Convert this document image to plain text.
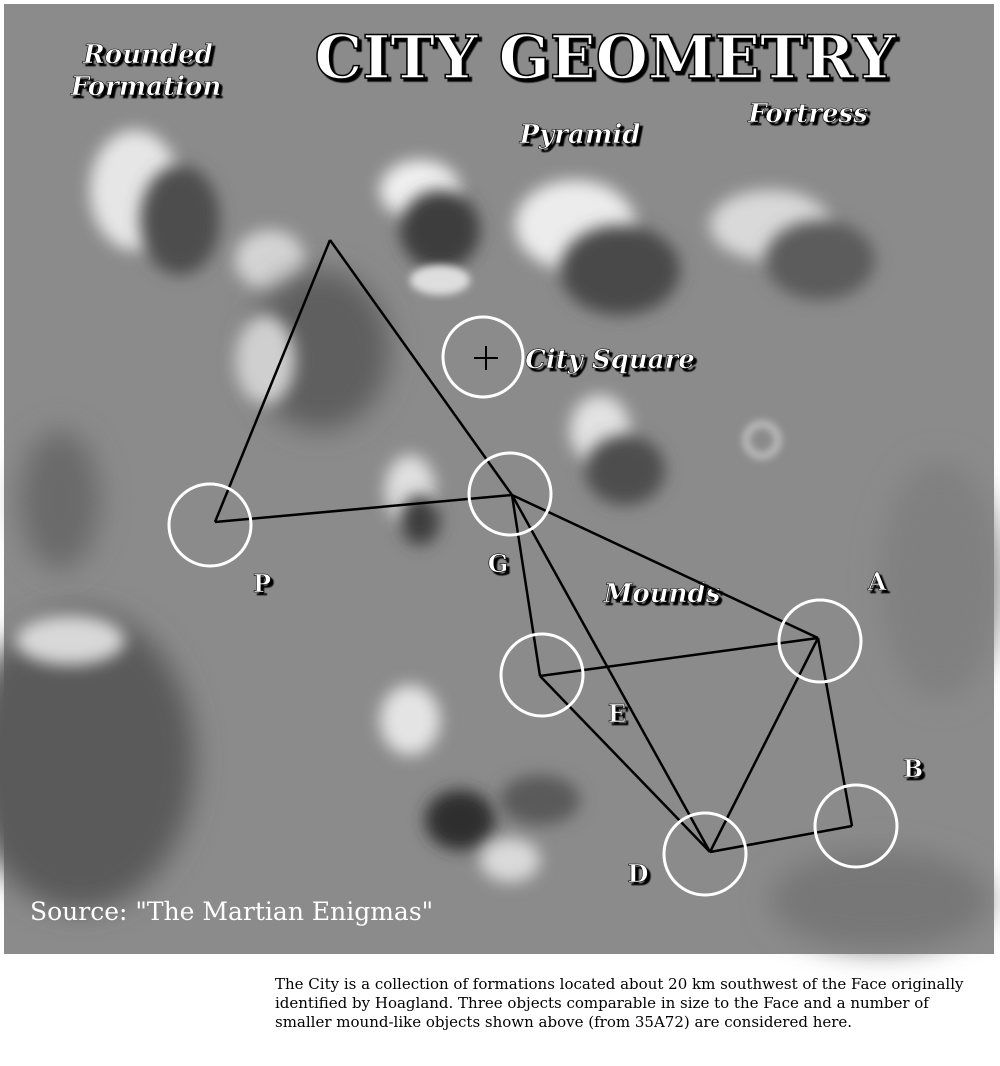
CITY GEOMETRY
Rounded
Formation
Pyramid
Fortress
City Square
Mounds
P
G
A
B
D
E
Source: "The Martian Enigmas"

The City is a collection of formations located about 20 km southwest of the Face originally identified by Hoagland. Three objects comparable in size to the Face and a number of smaller mound-like objects shown above (from 35A72) are considered here.
